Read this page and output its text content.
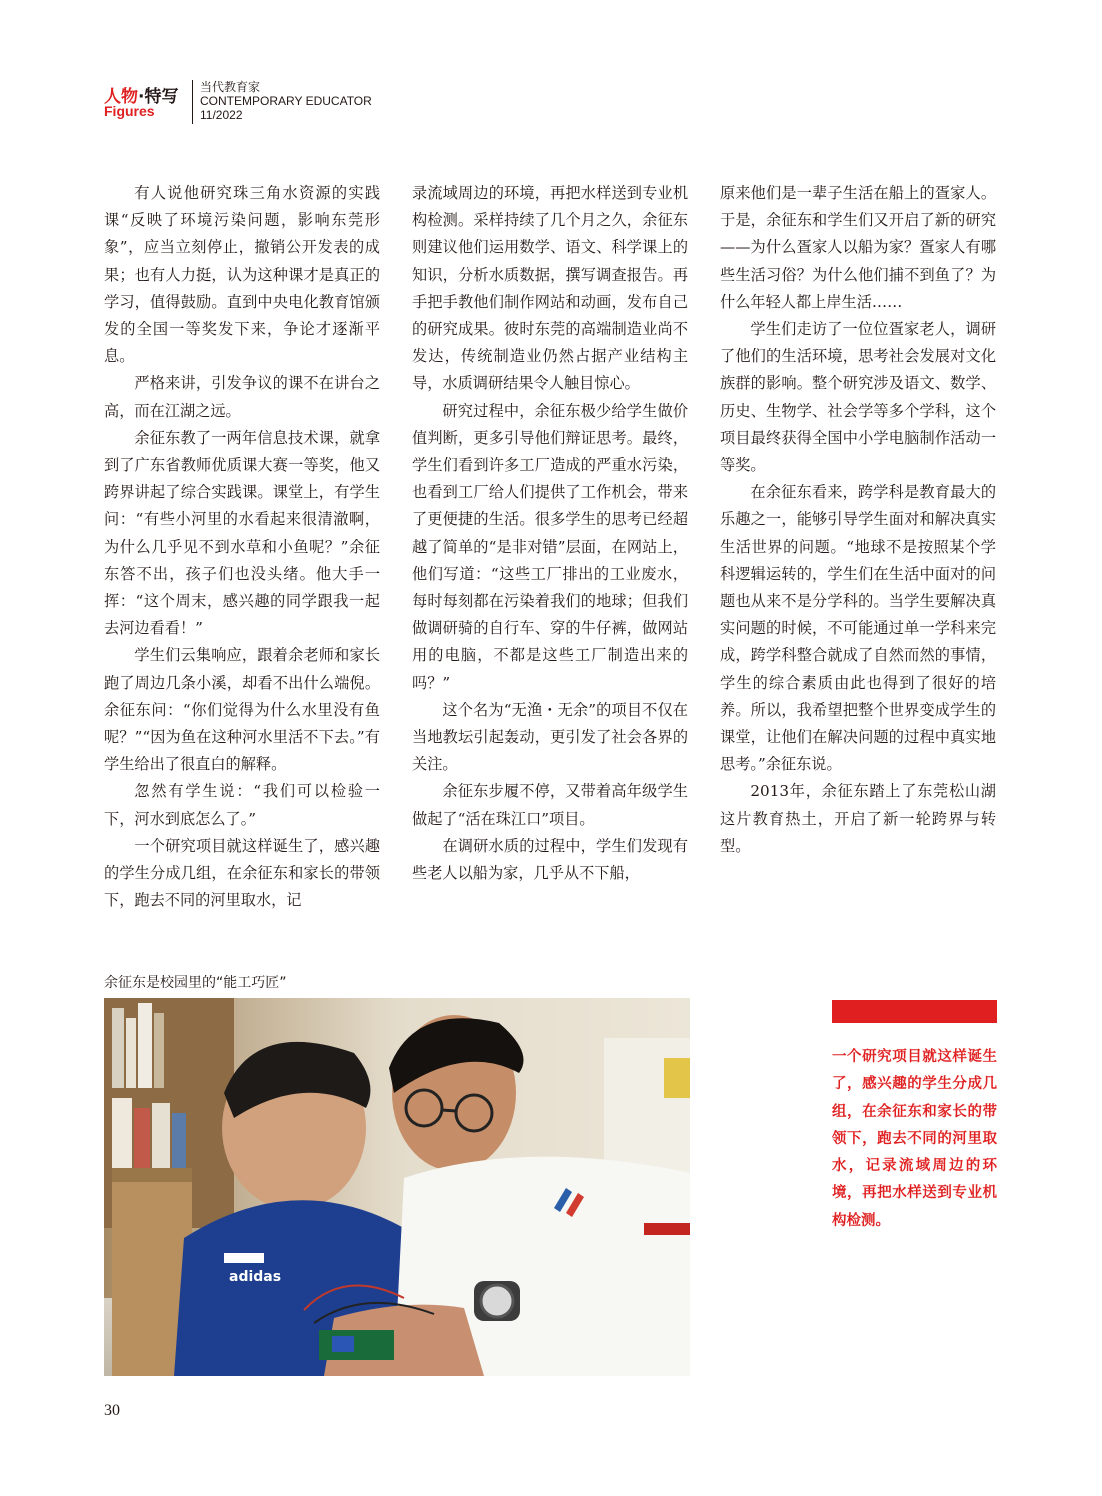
人物·特写
Figures
当代教育家
CONTEMPORARY EDUCATOR
11/2022

有人说他研究珠三角水资源的实践课“反映了环境污染问题，影响东莞形象”，应当立刻停止，撤销公开发表的成果；也有人力挺，认为这种课才是真正的学习，值得鼓励。直到中央电化教育馆颁发的全国一等奖发下来，争论才逐渐平息。

严格来讲，引发争议的课不在讲台之高，而在江湖之远。

余征东教了一两年信息技术课，就拿到了广东省教师优质课大赛一等奖，他又跨界讲起了综合实践课。课堂上，有学生问：“有些小河里的水看起来很清澈啊，为什么几乎见不到水草和小鱼呢？”余征东答不出，孩子们也没头绪。他大手一挥：“这个周末，感兴趣的同学跟我一起去河边看看！”

学生们云集响应，跟着余老师和家长跑了周边几条小溪，却看不出什么端倪。余征东问：“你们觉得为什么水里没有鱼呢？”“因为鱼在这种河水里活不下去。”有学生给出了很直白的解释。

忽然有学生说：“我们可以检验一下，河水到底怎么了。”

一个研究项目就这样诞生了，感兴趣的学生分成几组，在余征东和家长的带领下，跑去不同的河里取水，记

录流域周边的环境，再把水样送到专业机构检测。采样持续了几个月之久，余征东则建议他们运用数学、语文、科学课上的知识，分析水质数据，撰写调查报告。再手把手教他们制作网站和动画，发布自己的研究成果。彼时东莞的高端制造业尚不发达，传统制造业仍然占据产业结构主导，水质调研结果令人触目惊心。

研究过程中，余征东极少给学生做价值判断，更多引导他们辩证思考。最终，学生们看到许多工厂造成的严重水污染，也看到工厂给人们提供了工作机会，带来了更便捷的生活。很多学生的思考已经超越了简单的“是非对错”层面，在网站上，他们写道：“这些工厂排出的工业废水，每时每刻都在污染着我们的地球；但我们做调研骑的自行车、穿的牛仔裤，做网站用的电脑，不都是这些工厂制造出来的吗？”

这个名为“无渔・无余”的项目不仅在当地教坛引起轰动，更引发了社会各界的关注。

余征东步履不停，又带着高年级学生做起了“活在珠江口”项目。

在调研水质的过程中，学生们发现有些老人以船为家，几乎从不下船，

原来他们是一辈子生活在船上的疍家人。于是，余征东和学生们又开启了新的研究——为什么疍家人以船为家？疍家人有哪些生活习俗？为什么他们捕不到鱼了？为什么年轻人都上岸生活……

学生们走访了一位位疍家老人，调研了他们的生活环境，思考社会发展对文化族群的影响。整个研究涉及语文、数学、历史、生物学、社会学等多个学科，这个项目最终获得全国中小学电脑制作活动一等奖。

在余征东看来，跨学科是教育最大的乐趣之一，能够引导学生面对和解决真实生活世界的问题。“地球不是按照某个学科逻辑运转的，学生们在生活中面对的问题也从来不是分学科的。当学生要解决真实问题的时候，不可能通过单一学科来完成，跨学科整合就成了自然而然的事情，学生的综合素质由此也得到了很好的培养。所以，我希望把整个世界变成学生的课堂，让他们在解决问题的过程中真实地思考。”余征东说。

2013年，余征东踏上了东莞松山湖这片教育热土，开启了新一轮跨界与转型。

余征东是校园里的“能工巧匠”
adidas
一个研究项目就这样诞生了，感兴趣的学生分成几组，在余征东和家长的带领下，跑去不同的河里取水，记录流域周边的环境，再把水样送到专业机构检测。
30
